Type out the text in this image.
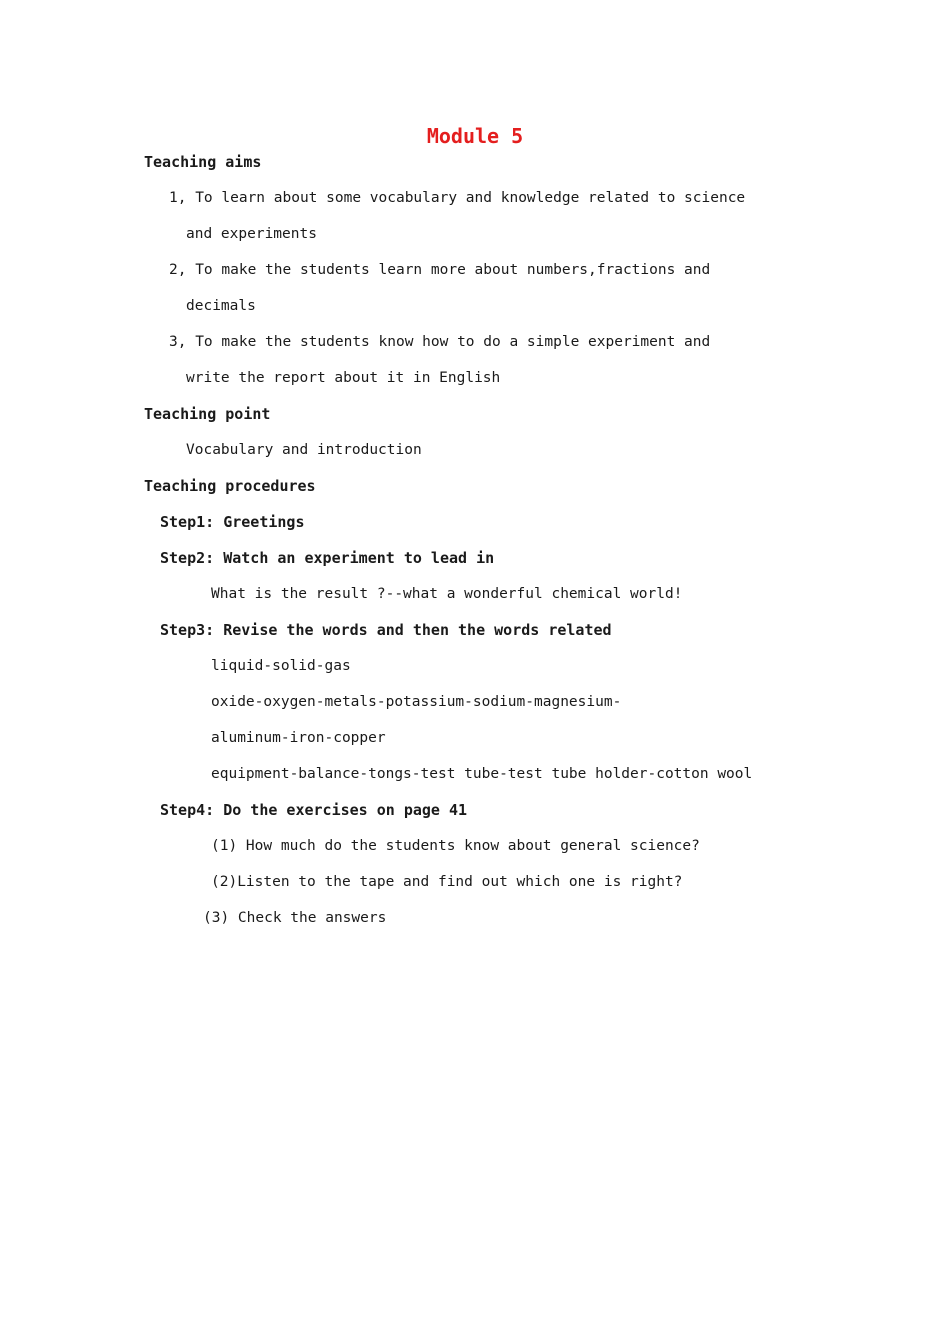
Module 5
Teaching aims
1, To learn about some vocabulary and knowledge related to science
and experiments
2, To make the students learn more about numbers,fractions and
decimals
3, To make the students know how to do a simple experiment and
write the report about it in English
Teaching point
Vocabulary and introduction
Teaching procedures
Step1: Greetings
Step2: Watch an experiment to lead in
What is the result ?--what a wonderful chemical world!
Step3: Revise the words and then the words related
liquid-solid-gas
oxide-oxygen-metals-potassium-sodium-magnesium-
aluminum-iron-copper
equipment-balance-tongs-test tube-test tube holder-cotton wool
Step4: Do the exercises on page 41
(1) How much do the students know about general science?
(2)Listen to the tape and find out which one is right?
(3) Check the answers
